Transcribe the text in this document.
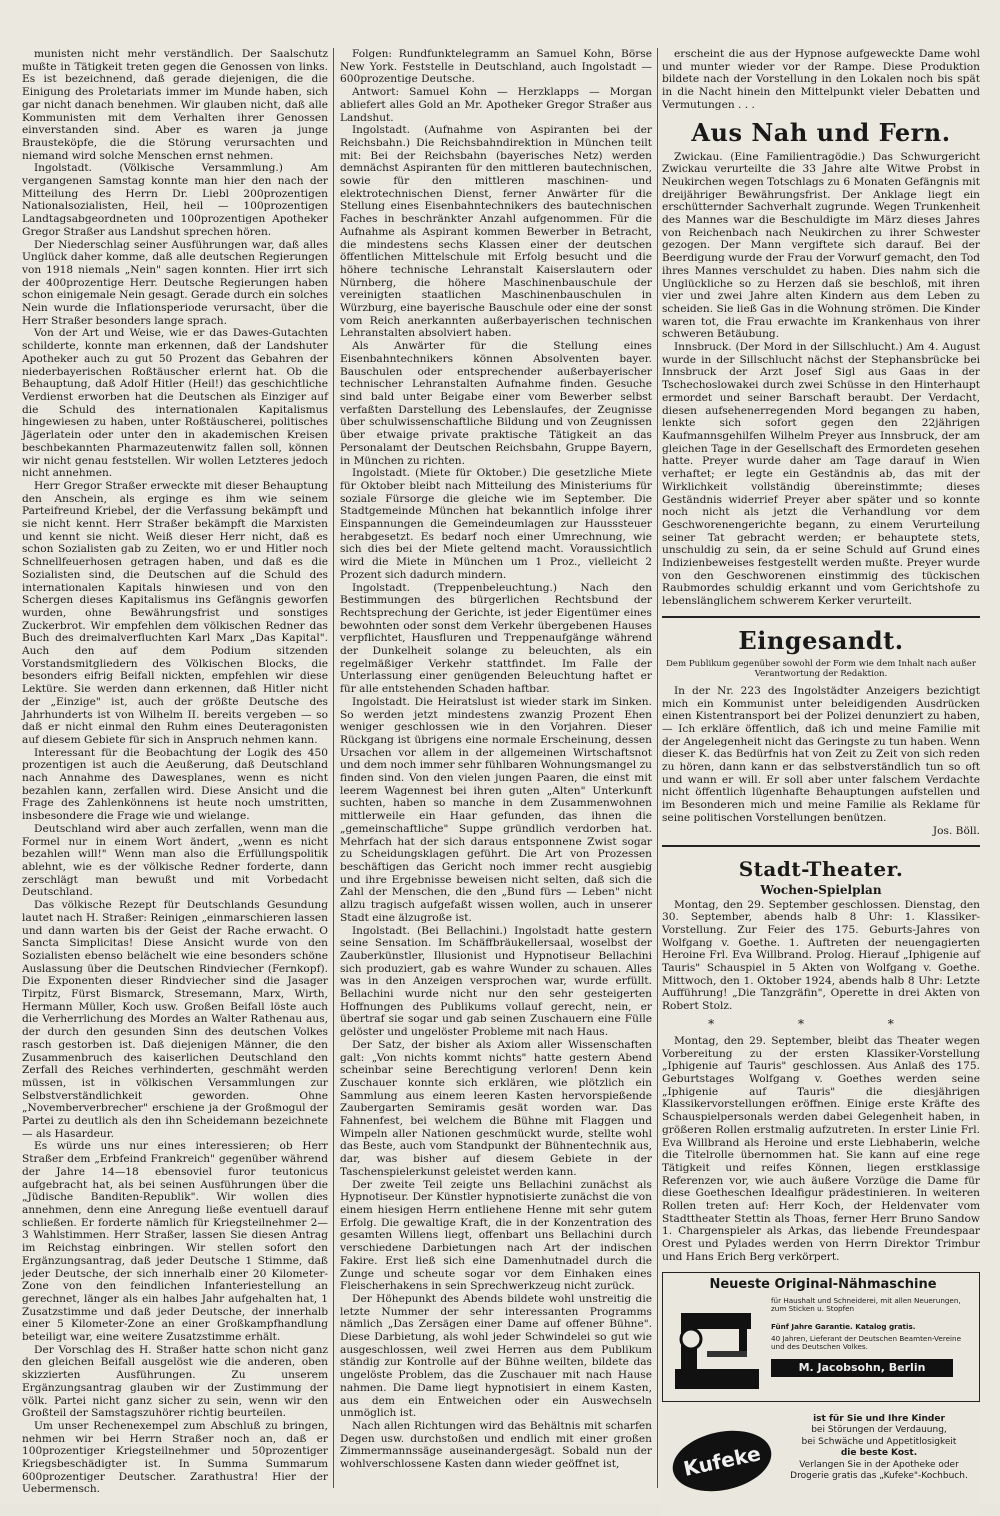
munisten nicht mehr verständlich. Der Saalschutz mußte in Tätigkeit treten gegen die Genossen von links. Es ist bezeichnend, daß gerade diejenigen, die die Einigung des Proletariats immer im Munde haben, sich gar nicht danach benehmen. Wir glauben nicht, daß alle Kommunisten mit dem Verhalten ihrer Genossen einverstanden sind. Aber es waren ja junge Brausteköpfe, die die Störung verursachten und niemand wird solche Menschen ernst nehmen.

Ingolstadt. (Völkische Versammlung.) Am vergangenen Samstag konnte man hier den nach der Mitteilung des Herrn Dr. Liebl 200prozentigen Nationalsozialisten, Heil, heil — 100prozentigen Landtagsabgeordneten und 100prozentigen Apotheker Gregor Straßer aus Landshut sprechen hören.

Der Niederschlag seiner Ausführungen war, daß alles Unglück daher komme, daß alle deutschen Regierungen von 1918 niemals „Nein" sagen konnten. Hier irrt sich der 400prozentige Herr. Deutsche Regierungen haben schon einigemale Nein gesagt. Gerade durch ein solches Nein wurde die Inflationsperiode verursacht, über die Herr Straßer besonders lange sprach.

Von der Art und Weise, wie er das Dawes-Gutachten schilderte, konnte man erkennen, daß der Landshuter Apotheker auch zu gut 50 Prozent das Gebahren der niederbayerischen Roßtäuscher erlernt hat. Ob die Behauptung, daß Adolf Hitler (Heil!) das geschichtliche Verdienst erworben hat die Deutschen als Einziger auf die Schuld des internationalen Kapitalismus hingewiesen zu haben, unter Roßtäuscherei, politisches Jägerlatein oder unter den in akademischen Kreisen beschbekannten Pharmazeutenwitz fallen soll, können wir nicht genau feststellen. Wir wollen Letzteres jedoch nicht annehmen.

Herr Gregor Straßer erweckte mit dieser Behauptung den Anschein, als erginge es ihm wie seinem Parteifreund Kriebel, der die Verfassung bekämpft und sie nicht kennt. Herr Straßer bekämpft die Marxisten und kennt sie nicht. Weiß dieser Herr nicht, daß es schon Sozialisten gab zu Zeiten, wo er und Hitler noch Schnellfeuerhosen getragen haben, und daß es die Sozialisten sind, die Deutschen auf die Schuld des internationalen Kapitals hinwiesen und von den Schergen dieses Kapitalismus ins Gefängnis geworfen wurden, ohne Bewährungsfrist und sonstiges Zuckerbrot. Wir empfehlen dem völkischen Redner das Buch des dreimalverfluchten Karl Marx „Das Kapital". Auch den auf dem Podium sitzenden Vorstandsmitgliedern des Völkischen Blocks, die besonders eifrig Beifall nickten, empfehlen wir diese Lektüre. Sie werden dann erkennen, daß Hitler nicht der „Einzige" ist, auch der größte Deutsche des Jahrhunderts ist von Wilhelm II. bereits vergeben — so daß er nicht einmal den Ruhm eines Deuteragonisten auf diesem Gebiete für sich in Anspruch nehmen kann.

Interessant für die Beobachtung der Logik des 450 prozentigen ist auch die Aeußerung, daß Deutschland nach Annahme des Dawesplanes, wenn es nicht bezahlen kann, zerfallen wird. Diese Ansicht und die Frage des Zahlenkönnens ist heute noch umstritten, insbesondere die Frage wie und wielange.

Deutschland wird aber auch zerfallen, wenn man die Formel nur in einem Wort ändert, „wenn es nicht bezahlen will!" Wenn man also die Erfüllungspolitik ablehnt, wie es der völkische Redner forderte, dann zerschlägt man bewußt und mit Vorbedacht Deutschland.

Das völkische Rezept für Deutschlands Gesundung lautet nach H. Straßer: Reinigen „einmarschieren lassen und dann warten bis der Geist der Rache erwacht. O Sancta Simplicitas! Diese Ansicht wurde von den Sozialisten ebenso belächelt wie eine besonders schöne Auslassung über die Deutschen Rindviecher (Fernkopf). Die Exponenten dieser Rindviecher sind die Jasager Tirpitz, Fürst Bismarck, Stresemann, Marx, Wirth, Hermann Müller, Koch usw. Großen Beifall löste auch die Verherrlichung des Mordes an Walter Rathenau aus, der durch den gesunden Sinn des deutschen Volkes rasch gestorben ist. Daß diejenigen Männer, die den Zusammenbruch des kaiserlichen Deutschland den Zerfall des Reiches verhinderten, geschmäht werden müssen, ist in völkischen Versammlungen zur Selbstverständlichkeit geworden. Ohne „Novemberverbrecher" erschiene ja der Großmogul der Partei zu deutlich als den ihn Scheidemann bezeichnete — als Hasardeur.

Es würde uns nur eines interessieren; ob Herr Straßer dem „Erbfeind Frankreich" gegenüber während der Jahre 14—18 ebensoviel furor teutonicus aufgebracht hat, als bei seinen Ausführungen über die „Jüdische Banditen-Republik". Wir wollen dies annehmen, denn eine Anregung ließe eventuell darauf schließen. Er forderte nämlich für Kriegsteilnehmer 2—3 Wahlstimmen. Herr Straßer, lassen Sie diesen Antrag im Reichstag einbringen. Wir stellen sofort den Ergänzungsantrag, daß jeder Deutsche 1 Stimme, daß jeder Deutsche, der sich innerhalb einer 20 Kilometer-Zone von den feindlichen Infanteriestellung an gerechnet, länger als ein halbes Jahr aufgehalten hat, 1 Zusatzstimme und daß jeder Deutsche, der innerhalb einer 5 Kilometer-Zone an einer Großkampfhandlung beteiligt war, eine weitere Zusatzstimme erhält.

Der Vorschlag des H. Straßer hatte schon nicht ganz den gleichen Beifall ausgelöst wie die anderen, oben skizzierten Ausführungen. Zu unserem Ergänzungsantrag glauben wir der Zustimmung der völk. Partei nicht ganz sicher zu sein, wenn wir den Großteil der Samstagszuhörer richtig beurteilen.

Um unser Rechenexempel zum Abschluß zu bringen, nehmen wir bei Herrn Straßer noch an, daß er 100prozentiger Kriegsteilnehmer und 50prozentiger Kriegsbeschädigter ist. In Summa Summarum 600prozentiger Deutscher. Zarathustra! Hier der Uebermensch.

Folgen: Rundfunktelegramm an Samuel Kohn, Börse New York. Feststelle in Deutschland, auch Ingolstadt — 600prozentige Deutsche.

Antwort: Samuel Kohn — Herzklapps — Morgan abliefert alles Gold an Mr. Apotheker Gregor Straßer aus Landshut.

Ingolstadt. (Aufnahme von Aspiranten bei der Reichsbahn.) Die Reichsbahndirektion in München teilt mit: Bei der Reichsbahn (bayerisches Netz) werden demnächst Aspiranten für den mittleren bautechnischen, sowie für den mittleren maschinen- und elektrotechnischen Dienst, ferner Anwärter für die Stellung eines Eisenbahntechnikers des bautechnischen Faches in beschränkter Anzahl aufgenommen. Für die Aufnahme als Aspirant kommen Bewerber in Betracht, die mindestens sechs Klassen einer der deutschen öffentlichen Mittelschule mit Erfolg besucht und die höhere technische Lehranstalt Kaiserslautern oder Nürnberg, die höhere Maschinenbauschule der vereinigten staatlichen Maschinenbauschulen in Würzburg, eine bayerische Bauschule oder eine der sonst vom Reich anerkannten außerbayerischen technischen Lehranstalten absolviert haben.

Als Anwärter für die Stellung eines Eisenbahntechnikers können Absolventen bayer. Bauschulen oder entsprechender außerbayerischer technischer Lehranstalten Aufnahme finden. Gesuche sind bald unter Beigabe einer vom Bewerber selbst verfaßten Darstellung des Lebenslaufes, der Zeugnisse über schulwissenschaftliche Bildung und von Zeugnissen über etwaige private praktische Tätigkeit an das Personalamt der Deutschen Reichsbahn, Gruppe Bayern, in München zu richten.

Ingolstadt. (Miete für Oktober.) Die gesetzliche Miete für Oktober bleibt nach Mitteilung des Ministeriums für soziale Fürsorge die gleiche wie im September. Die Stadtgemeinde München hat bekanntlich infolge ihrer Einspannungen die Gemeindeumlagen zur Hausssteuer herabgesetzt. Es bedarf noch einer Umrechnung, wie sich dies bei der Miete geltend macht. Voraussichtlich wird die Miete in München um 1 Proz., vielleicht 2 Prozent sich dadurch mindern.

Ingolstadt. (Treppenbeleuchtung.) Nach den Bestimmungen des bürgerlichen Rechtsbund der Rechtsprechung der Gerichte, ist jeder Eigentümer eines bewohnten oder sonst dem Verkehr übergebenen Hauses verpflichtet, Hausfluren und Treppenaufgänge während der Dunkelheit solange zu beleuchten, als ein regelmäßiger Verkehr stattfindet. Im Falle der Unterlassung einer genügenden Beleuchtung haftet er für alle entstehenden Schaden haftbar.

Ingolstadt. Die Heiratslust ist wieder stark im Sinken. So werden jetzt mindestens zwanzig Prozent Ehen weniger geschlossen wie in den Vorjahren. Dieser Rückgang ist übrigens eine normale Erscheinung, dessen Ursachen vor allem in der allgemeinen Wirtschaftsnot und dem noch immer sehr fühlbaren Wohnungsmangel zu finden sind. Von den vielen jungen Paaren, die einst mit leerem Wagennest bei ihren guten „Alten" Unterkunft suchten, haben so manche in dem Zusammenwohnen mittlerweile ein Haar gefunden, das ihnen die „gemeinschaftliche" Suppe gründlich verdorben hat. Mehrfach hat der sich daraus entsponnene Zwist sogar zu Scheidungsklagen geführt. Die Art von Prozessen beschäftigen das Gericht noch immer recht ausgiebig und ihre Ergebnisse beweisen nicht selten, daß sich die Zahl der Menschen, die den „Bund fürs — Leben" nicht allzu tragisch aufgefaßt wissen wollen, auch in unserer Stadt eine älzugroße ist.

Ingolstadt. (Bei Bellachini.) Ingolstadt hatte gestern seine Sensation. Im Schäffbräukellersaal, woselbst der Zauberkünstler, Illusionist und Hypnotiseur Bellachini sich produziert, gab es wahre Wunder zu schauen. Alles was in den Anzeigen versprochen war, wurde erfüllt. Bellachini wurde nicht nur den sehr gesteigerten Hoffnungen des Publikums vollauf gerecht, nein, er übertraf sie sogar und gab seinen Zuschauern eine Fülle gelöster und ungelöster Probleme mit nach Haus.

Der Satz, der bisher als Axiom aller Wissenschaften galt: „Von nichts kommt nichts" hatte gestern Abend scheinbar seine Berechtigung verloren! Denn kein Zuschauer konnte sich erklären, wie plötzlich ein Sammlung aus einem leeren Kasten hervorspießende Zaubergarten Semiramis gesät worden war. Das Fahnenfest, bei welchem die Bühne mit Flaggen und Wimpeln aller Nationen geschmückt wurde, stellte wohl das Beste, auch vom Standpunkt der Bühnentechnik aus, dar, was bisher auf diesem Gebiete in der Taschenspielerkunst geleistet werden kann.

Der zweite Teil zeigte uns Bellachini zunächst als Hypnotiseur. Der Künstler hypnotisierte zunächst die von einem hiesigen Herrn entliehene Henne mit sehr gutem Erfolg. Die gewaltige Kraft, die in der Konzentration des gesamten Willens liegt, offenbart uns Bellachini durch verschiedene Darbietungen nach Art der indischen Fakire. Erst ließ sich eine Damenhutnadel durch die Zunge und scheute sogar vor dem Einhaken eines Fleischerhakens in sein Sprechwerkzeug nicht zurück.

Der Höhepunkt des Abends bildete wohl unstreitig die letzte Nummer der sehr interessanten Programms nämlich „Das Zersägen einer Dame auf offener Bühne". Diese Darbietung, als wohl jeder Schwindelei so gut wie ausgeschlossen, weil zwei Herren aus dem Publikum ständig zur Kontrolle auf der Bühne weilten, bildete das ungelöste Problem, das die Zuschauer mit nach Hause nahmen. Die Dame liegt hypnotisiert in einem Kasten, aus dem ein Entweichen oder ein Auswechseln unmöglich ist.

Nach allen Richtungen wird das Behältnis mit scharfen Degen usw. durchstoßen und endlich mit einer großen Zimmermannssäge auseinandergesägt. Sobald nun der wohlverschlossene Kasten dann wieder geöffnet ist,

erscheint die aus der Hypnose aufgeweckte Dame wohl und munter wieder vor der Rampe. Diese Produktion bildete nach der Vorstellung in den Lokalen noch bis spät in die Nacht hinein den Mittelpunkt vieler Debatten und Vermutungen . . .

Aus Nah und Fern.

Zwickau. (Eine Familientragödie.) Das Schwurgericht Zwickau verurteilte die 33 Jahre alte Witwe Probst in Neukirchen wegen Totschlags zu 6 Monaten Gefängnis mit dreijähriger Bewährungsfrist. Der Anklage liegt ein erschütternder Sachverhalt zugrunde. Wegen Trunkenheit des Mannes war die Beschuldigte im März dieses Jahres von Reichenbach nach Neukirchen zu ihrer Schwester gezogen. Der Mann vergiftete sich darauf. Bei der Beerdigung wurde der Frau der Vorwurf gemacht, den Tod ihres Mannes verschuldet zu haben. Dies nahm sich die Unglückliche so zu Herzen daß sie beschloß, mit ihren vier und zwei Jahre alten Kindern aus dem Leben zu scheiden. Sie ließ Gas in die Wohnung strömen. Die Kinder waren tot, die Frau erwachte im Krankenhaus von ihrer schweren Betäubung.

Innsbruck. (Der Mord in der Sillschlucht.) Am 4. August wurde in der Sillschlucht nächst der Stephansbrücke bei Innsbruck der Arzt Josef Sigl aus Gaas in der Tschechoslowakei durch zwei Schüsse in den Hinterhaupt ermordet und seiner Barschaft beraubt. Der Verdacht, diesen aufsehenerregenden Mord begangen zu haben, lenkte sich sofort gegen den 22jährigen Kaufmannsgehilfen Wilhelm Preyer aus Innsbruck, der am gleichen Tage in der Gesellschaft des Ermordeten gesehen hatte. Preyer wurde daher am Tage darauf in Wien verhaftet; er legte ein Geständnis ab, das mit der Wirklichkeit vollständig übereinstimmte; dieses Geständnis widerrief Preyer aber später und so konnte noch nicht als jetzt die Verhandlung vor dem Geschworenengerichte begann, zu einem Verurteilung seiner Tat gebracht werden; er behauptete stets, unschuldig zu sein, da er seine Schuld auf Grund eines Indizienbeweises festgestellt werden mußte. Preyer wurde von den Geschworenen einstimmig des tückischen Raubmordes schuldig erkannt und vom Gerichtshofe zu lebenslänglichem schwerem Kerker verurteilt.

Eingesandt.

Dem Publikum gegenüber sowohl der Form wie dem Inhalt nach außer Verantwortung der Redaktion.

In der Nr. 223 des Ingolstädter Anzeigers bezichtigt mich ein Kommunist unter beleidigenden Ausdrücken einen Kistentransport bei der Polizei denunziert zu haben, — Ich erkläre öffentlich, daß ich und meine Familie mit der Angelegenheit nicht das Geringste zu tun haben. Wenn dieser K. das Bedürfnis hat von Zeit zu Zeit von sich reden zu hören, dann kann er das selbstverständlich tun so oft und wann er will. Er soll aber unter falschem Verdachte nicht öffentlich lügenhafte Behauptungen aufstellen und im Besonderen mich und meine Familie als Reklame für seine politischen Vorstellungen benützen.

Jos. Böll.

Stadt-Theater.
Wochen-Spielplan

Montag, den 29. September geschlossen. Dienstag, den 30. September, abends halb 8 Uhr: 1. Klassiker-Vorstellung. Zur Feier des 175. Geburts-Jahres von Wolfgang v. Goethe. 1. Auftreten der neuengagierten Heroine Frl. Eva Willbrand. Prolog. Hierauf „Iphigenie auf Tauris" Schauspiel in 5 Akten von Wolfgang v. Goethe. Mittwoch, den 1. Oktober 1924, abends halb 8 Uhr: Letzte Aufführung! „Die Tanzgräfin", Operette in drei Akten von Robert Stolz.

* * *

Montag, den 29. September, bleibt das Theater wegen Vorbereitung zu der ersten Klassiker-Vorstellung „Iphigenie auf Tauris" geschlossen. Aus Anlaß des 175. Geburtstages Wolfgang v. Goethes werden seine „Iphigenie auf Tauris" die diesjährigen Klassikervorstellungen eröffnen. Einige erste Kräfte des Schauspielpersonals werden dabei Gelegenheit haben, in größeren Rollen erstmalig aufzutreten. In erster Linie Frl. Eva Willbrand als Heroine und erste Liebhaberin, welche die Titelrolle übernommen hat. Sie kann auf eine rege Tätigkeit und reifes Können, liegen erstklassige Referenzen vor, wie auch äußere Vorzüge die Dame für diese Goetheschen Idealfigur prädestinieren. In weiteren Rollen treten auf: Herr Koch, der Heldenvater vom Stadttheater Stettin als Thoas, ferner Herr Bruno Sandow 1. Chargenspieler als Arkas, das liebende Freundespaar Orest und Pylades werden von Herrn Direktor Trimbur und Hans Erich Berg verkörpert.

Neueste Original-Nähmaschine
für Haushalt und Schneiderei, mit allen Neuerungen, zum Sticken u. Stopfen
Fünf Jahre Garantie. Katalog gratis.
40 Jahren, Lieferant der Deutschen Beamten-Vereine und des Deutschen Volkes.
M. Jacobsohn, Berlin
Kufeke
ist für Sie und Ihre Kinder
bei Störungen der Verdauung,
bei Schwäche und Appetitlosigkeit
die beste Kost.
Verlangen Sie in der Apotheke oder
Drogerie gratis das „Kufeke"-Kochbuch.
